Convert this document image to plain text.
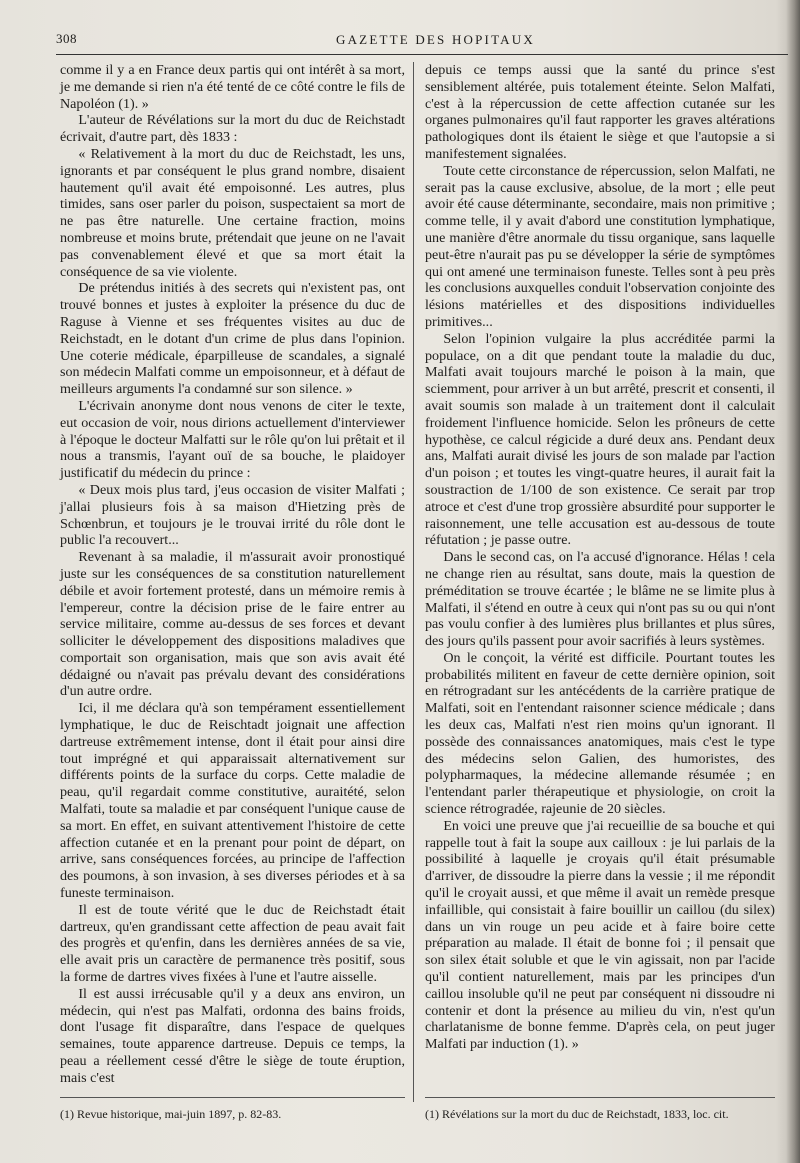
308	GAZETTE DES HOPITAUX

comme il y a en France deux partis qui ont intérêt à sa mort, je me demande si rien n'a été tenté de ce côté contre le fils de Napoléon (1). »

L'auteur de Révélations sur la mort du duc de Reichstadt écrivait, d'autre part, dès 1833 :

« Relativement à la mort du duc de Reichstadt, les uns, ignorants et par conséquent le plus grand nombre, disaient hautement qu'il avait été empoisonné. Les autres, plus timides, sans oser parler du poison, suspectaient sa mort de ne pas être naturelle. Une certaine fraction, moins nombreuse et moins brute, prétendait que jeune on ne l'avait pas convenablement élevé et que sa mort était la conséquence de sa vie violente.

De prétendus initiés à des secrets qui n'existent pas, ont trouvé bonnes et justes à exploiter la présence du duc de Raguse à Vienne et ses fréquentes visites au duc de Reichstadt, en le dotant d'un crime de plus dans l'opinion. Une coterie médicale, éparpilleuse de scandales, a signalé son médecin Malfati comme un empoisonneur, et à défaut de meilleurs arguments l'a condamné sur son silence. »

L'écrivain anonyme dont nous venons de citer le texte, eut occasion de voir, nous dirions actuellement d'interviewer à l'époque le docteur Malfatti sur le rôle qu'on lui prêtait et il nous a transmis, l'ayant ouï de sa bouche, le plaidoyer justificatif du médecin du prince :

« Deux mois plus tard, j'eus occasion de visiter Malfati ; j'allai plusieurs fois à sa maison d'Hietzing près de Schœnbrun, et toujours je le trouvai irrité du rôle dont le public l'a recouvert...

Revenant à sa maladie, il m'assurait avoir pronostiqué juste sur les conséquences de sa constitution naturellement débile et avoir fortement protesté, dans un mémoire remis à l'empereur, contre la décision prise de le faire entrer au service militaire, comme au-dessus de ses forces et devant solliciter le développement des dispositions maladives que comportait son organisation, mais que son avis avait été dédaigné ou n'avait pas prévalu devant des considérations d'un autre ordre.

Ici, il me déclara qu'à son tempérament essentiellement lymphatique, le duc de Reischtadt joignait une affection dartreuse extrêmement intense, dont il était pour ainsi dire tout imprégné et qui apparaissait alternativement sur différents points de la surface du corps. Cette maladie de peau, qu'il regardait comme constitutive, auraitété, selon Malfati, toute sa maladie et par conséquent l'unique cause de sa mort. En effet, en suivant attentivement l'histoire de cette affection cutanée et en la prenant pour point de départ, on arrive, sans conséquences forcées, au principe de l'affection des poumons, à son invasion, à ses diverses périodes et à sa funeste terminaison.

Il est de toute vérité que le duc de Reichstadt était dartreux, qu'en grandissant cette affection de peau avait fait des progrès et qu'enfin, dans les dernières années de sa vie, elle avait pris un caractère de permanence très positif, sous la forme de dartres vives fixées à l'une et l'autre aisselle.

Il est aussi irrécusable qu'il y a deux ans environ, un médecin, qui n'est pas Malfati, ordonna des bains froids, dont l'usage fit disparaître, dans l'espace de quelques semaines, toute apparence dartreuse. Depuis ce temps, la peau a réellement cessé d'être le siège de toute éruption, mais c'est

depuis ce temps aussi que la santé du prince s'est sensiblement altérée, puis totalement éteinte. Selon Malfati, c'est à la répercussion de cette affection cutanée sur les organes pulmonaires qu'il faut rapporter les graves altérations pathologiques dont ils étaient le siège et que l'autopsie a si manifestement signalées.

Toute cette circonstance de répercussion, selon Malfati, ne serait pas la cause exclusive, absolue, de la mort ; elle peut avoir été cause déterminante, secondaire, mais non primitive ; comme telle, il y avait d'abord une constitution lymphatique, une manière d'être anormale du tissu organique, sans laquelle peut-être n'aurait pas pu se développer la série de symptômes qui ont amené une terminaison funeste. Telles sont à peu près les conclusions auxquelles conduit l'observation conjointe des lésions matérielles et des dispositions individuelles primitives...

Selon l'opinion vulgaire la plus accréditée parmi la populace, on a dit que pendant toute la maladie du duc, Malfati avait toujours marché le poison à la main, que sciemment, pour arriver à un but arrêté, prescrit et consenti, il avait soumis son malade à un traitement dont il calculait froidement l'influence homicide. Selon les prôneurs de cette hypothèse, ce calcul régicide a duré deux ans. Pendant deux ans, Malfati aurait divisé les jours de son malade par l'action d'un poison ; et toutes les vingt-quatre heures, il aurait fait la soustraction de 1/100 de son existence. Ce serait par trop atroce et c'est d'une trop grossière absurdité pour supporter le raisonnement, une telle accusation est au-dessous de toute réfutation ; je passe outre.

Dans le second cas, on l'a accusé d'ignorance. Hélas ! cela ne change rien au résultat, sans doute, mais la question de préméditation se trouve écartée ; le blâme ne se limite plus à Malfati, il s'étend en outre à ceux qui n'ont pas su ou qui n'ont pas voulu confier à des lumières plus brillantes et plus sûres, des jours qu'ils passent pour avoir sacrifiés à leurs systèmes.

On le conçoit, la vérité est difficile. Pourtant toutes les probabilités militent en faveur de cette dernière opinion, soit en rétrogradant sur les antécédents de la carrière pratique de Malfati, soit en l'entendant raisonner science médicale ; dans les deux cas, Malfati n'est rien moins qu'un ignorant. Il possède des connaissances anatomiques, mais c'est le type des médecins selon Galien, des humoristes, des polypharmaques, la médecine allemande résumée ; en l'entendant parler thérapeutique et physiologie, on croit la science rétrogradée, rajeunie de 20 siècles.

En voici une preuve que j'ai recueillie de sa bouche et qui rappelle tout à fait la soupe aux cailloux : je lui parlais de la possibilité à laquelle je croyais qu'il était présumable d'arriver, de dissoudre la pierre dans la vessie ; il me répondit qu'il le croyait aussi, et que même il avait un remède presque infaillible, qui consistait à faire bouillir un caillou (du silex) dans un vin rouge un peu acide et à faire boire cette préparation au malade. Il était de bonne foi ; il pensait que son silex était soluble et que le vin agissait, non par l'acide qu'il contient naturellement, mais par les principes d'un caillou insoluble qu'il ne peut par conséquent ni dissoudre ni contenir et dont la présence au milieu du vin, n'est qu'un charlatanisme de bonne femme. D'après cela, on peut juger Malfati par induction (1). »

(1) Revue historique, mai-juin 1897, p. 82-83.	(1) Révélations sur la mort du duc de Reichstadt, 1833, loc. cit.
